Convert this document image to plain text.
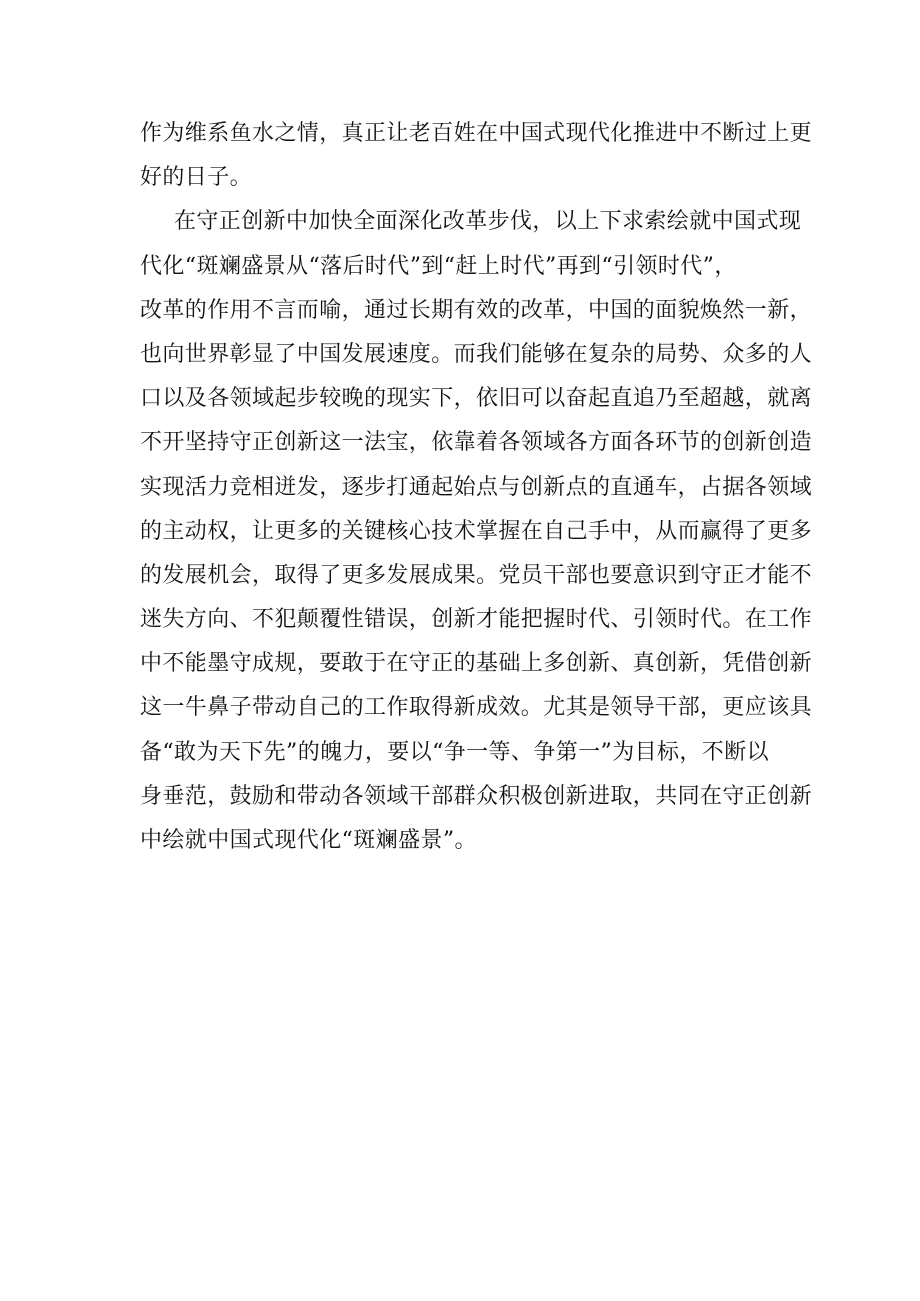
作为维系鱼水之情，真正让老百姓在中国式现代化推进中不断过上更
好的日子。
在守正创新中加快全面深化改革步伐，以上下求索绘就中国式现
代化“斑斓盛景从“落后时代”到“赶上时代”再到“引领时代”，
改革的作用不言而喻，通过长期有效的改革，中国的面貌焕然一新，
也向世界彰显了中国发展速度。而我们能够在复杂的局势、众多的人
口以及各领域起步较晚的现实下，依旧可以奋起直追乃至超越，就离
不开坚持守正创新这一法宝，依靠着各领域各方面各环节的创新创造
实现活力竞相迸发，逐步打通起始点与创新点的直通车，占据各领域
的主动权，让更多的关键核心技术掌握在自己手中，从而赢得了更多
的发展机会，取得了更多发展成果。党员干部也要意识到守正才能不
迷失方向、不犯颠覆性错误，创新才能把握时代、引领时代。在工作
中不能墨守成规，要敢于在守正的基础上多创新、真创新，凭借创新
这一牛鼻子带动自己的工作取得新成效。尤其是领导干部，更应该具
备“敢为天下先”的魄力，要以“争一等、争第一”为目标，不断以
身垂范，鼓励和带动各领域干部群众积极创新进取，共同在守正创新
中绘就中国式现代化“斑斓盛景”。
